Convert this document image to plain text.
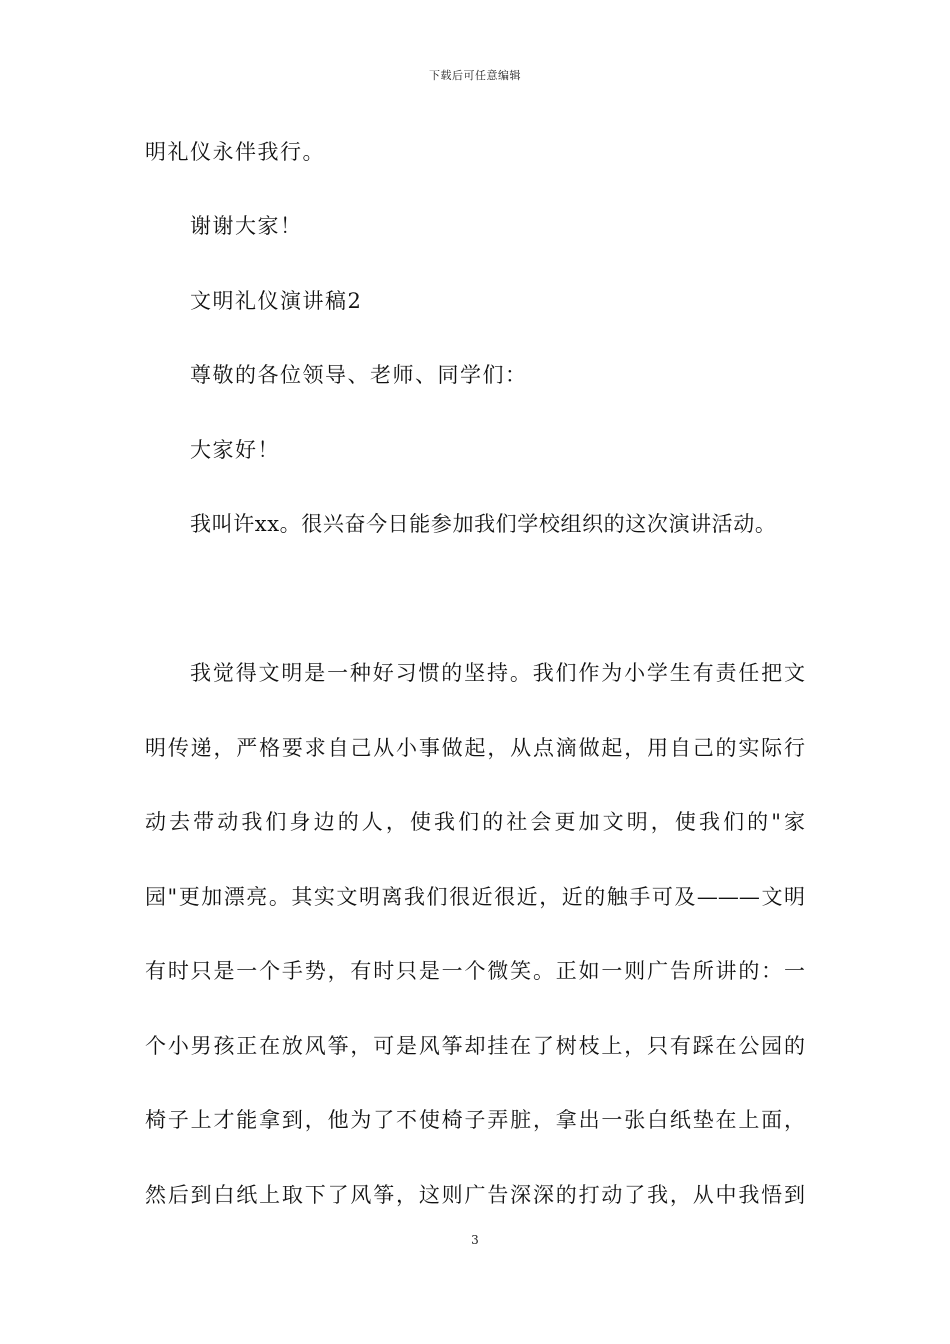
下载后可任意编辑
明礼仪永伴我行。
谢谢大家！
文明礼仪演讲稿2
尊敬的各位领导、老师、同学们：
大家好！
我叫许xx。很兴奋今日能参加我们学校组织的这次演讲活动。
我觉得文明是一种好习惯的坚持。我们作为小学生有责任把文
明传递，严格要求自己从小事做起，从点滴做起，用自己的实际行
动去带动我们身边的人，使我们的社会更加文明，使我们的"家
园"更加漂亮。其实文明离我们很近很近，近的触手可及———文明
有时只是一个手势，有时只是一个微笑。正如一则广告所讲的：一
个小男孩正在放风筝，可是风筝却挂在了树枝上，只有踩在公园的
椅子上才能拿到，他为了不使椅子弄脏，拿出一张白纸垫在上面，
然后到白纸上取下了风筝，这则广告深深的打动了我，从中我悟到
3
